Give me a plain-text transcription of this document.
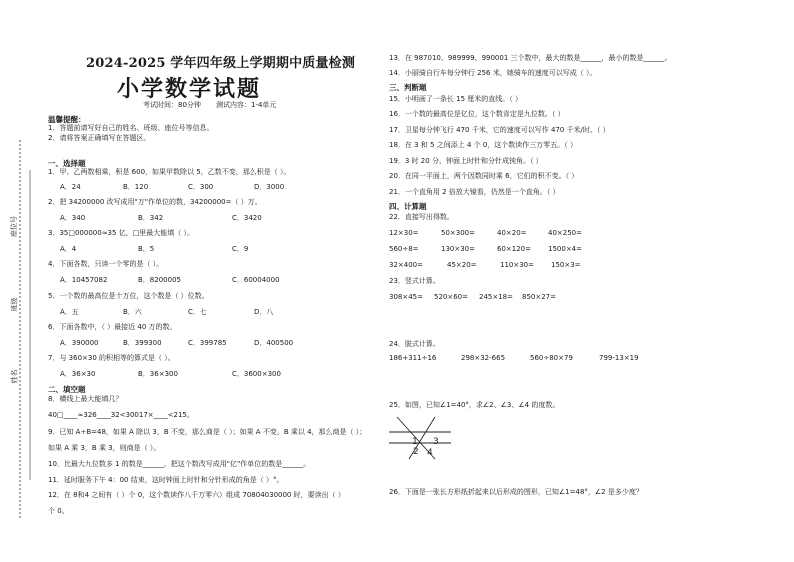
座位号
班级
姓名
2024-2025 学年四年级上学期期中质量检测
小学数学试题
考试时间：80分钟 测试内容：1-4单元
温馨提醒：
1．答题前请写好自己的姓名、班级、座位号等信息。
2．请将答案正确填写在答题区。
一、选择题
1．甲、乙两数相乘，积是 600，如果甲数除以 5，乙数不变，那么积是（ ）。
A．24	B．120	C．300	D．3000
2．把 34200000 改写成用"万"作单位的数，34200000=（ ）万。
A．340	B．342	C．3420
3．35□000000≈35 亿，□里最大能填（ ）。
A．4	B．5	C．9
4．下面各数，只读一个零的是（ ）。
A．10457082	B．8200005	C．60004000
5．一个数的最高位是十万位，这个数是（ ）位数。
A．五	B．六	C．七	D．八
6．下面各数中，（ ）最接近 40 万的数。
A．390000	B．399300	C．399785	D．400500
7．与 360×30 的积相等的算式是（ ）。
A．36×30	B．36×300	C．3600×300
二、填空题
8．横线上最大能填几？
40□____≈326____32<30017×____<215。
9．已知 A÷B=48，如果 A 除以 3，B 不变，那么商是（ ）；如果 A 不变，B 乘以 4，那么商是（ ）；
如果 A 乘 3，B 乘 3，则商是（ ）。
10．比最大九位数多 1 的数是______，把这个数改写成用"亿"作单位的数是______。
11．延时服务下午 4：00 结束，这时钟面上时针和分针形成的角是（ ）°。
12．在 8和4 之间有（ ）个 0，这个数读作八千万零六）组成 70804030000 时，要读出（ ）
个 0。
13．在 987010、989999、990001 三个数中，最大的数是______，最小的数是______。
14．小丽骑自行车每分钟行 256 米，她骑车的速度可以写成（ ）。
三、判断题
15．小明画了一条长 15 厘米的直线。（ ）
16．一个数的最高位是亿位，这个数肯定是九位数。（ ）
17．卫星每分钟飞行 470 千米，它的速度可以写作 470 千米/时。（ ）
18．在 3 和 5 之间添上 4 个 0，这个数读作三万零五。（ ）
19．3 时 20 分，钟面上时针和分针成钝角。（ ）
20．在同一平面上，两个因数同时乘 6，它们的积不变。（ ）
21．一个直角用 2 倍放大镜看，仍然是一个直角。（ ）
四、计算题
22．直接写出得数。
12×30=	50×300=	40×20=	40×250=
560÷8=	130×30=	60×120= 1500×4=
32×400=	45×20=	110×30= 150×3=
23．竖式计算。
308×45= 520×60= 245×18= 850×27=
24．脱式计算。
186+311÷16	298×32-665	560÷80×79	799-13×19
25．如图，已知∠1=40°，求∠2、∠3、∠4 的度数。
1
2
3
4
26．下面是一张长方形纸折起来以后形成的图形，已知∠1=48°，∠2 是多少度？
